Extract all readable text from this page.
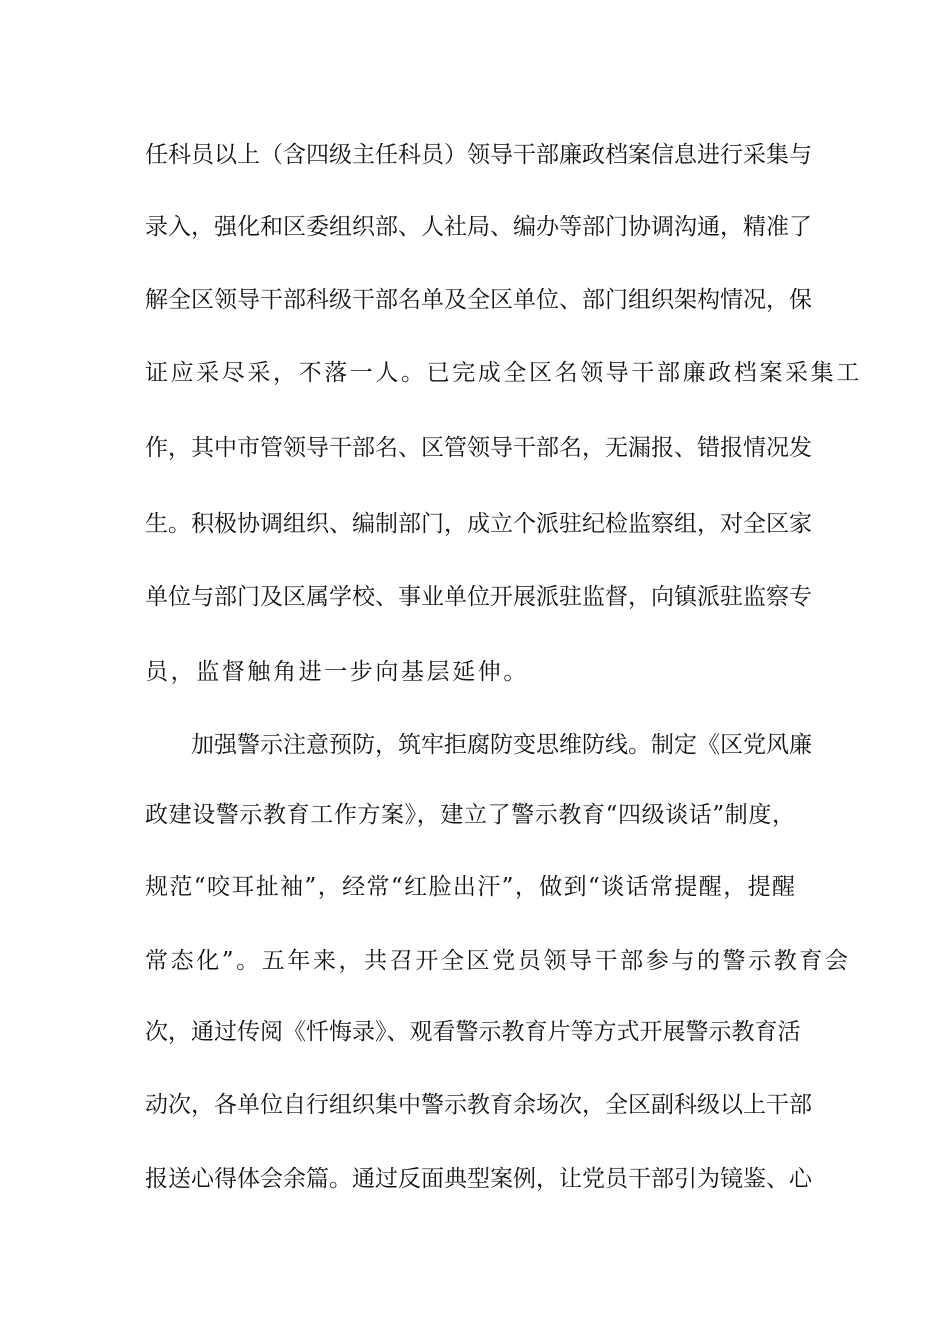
任科员以上（含四级主任科员）领导干部廉政档案信息进行采集与
录入，强化和区委组织部、人社局、编办等部门协调沟通，精准了
解全区领导干部科级干部名单及全区单位、部门组织架构情况，保
证应采尽采，不落一人。已完成全区名领导干部廉政档案采集工
作，其中市管领导干部名、区管领导干部名，无漏报、错报情况发
生。积极协调组织、编制部门，成立个派驻纪检监察组，对全区家
单位与部门及区属学校、事业单位开展派驻监督，向镇派驻监察专
员，监督触角进一步向基层延伸。
　　加强警示注意预防，筑牢拒腐防变思维防线。制定《区党风廉
政建设警示教育工作方案》，建立了警示教育“四级谈话”制度，
规范“咬耳扯袖”，经常“红脸出汗”，做到“谈话常提醒，提醒
常态化”。五年来，共召开全区党员领导干部参与的警示教育会
次，通过传阅《忏悔录》、观看警示教育片等方式开展警示教育活
动次，各单位自行组织集中警示教育余场次，全区副科级以上干部
报送心得体会余篇。通过反面典型案例，让党员干部引为镜鉴、心
